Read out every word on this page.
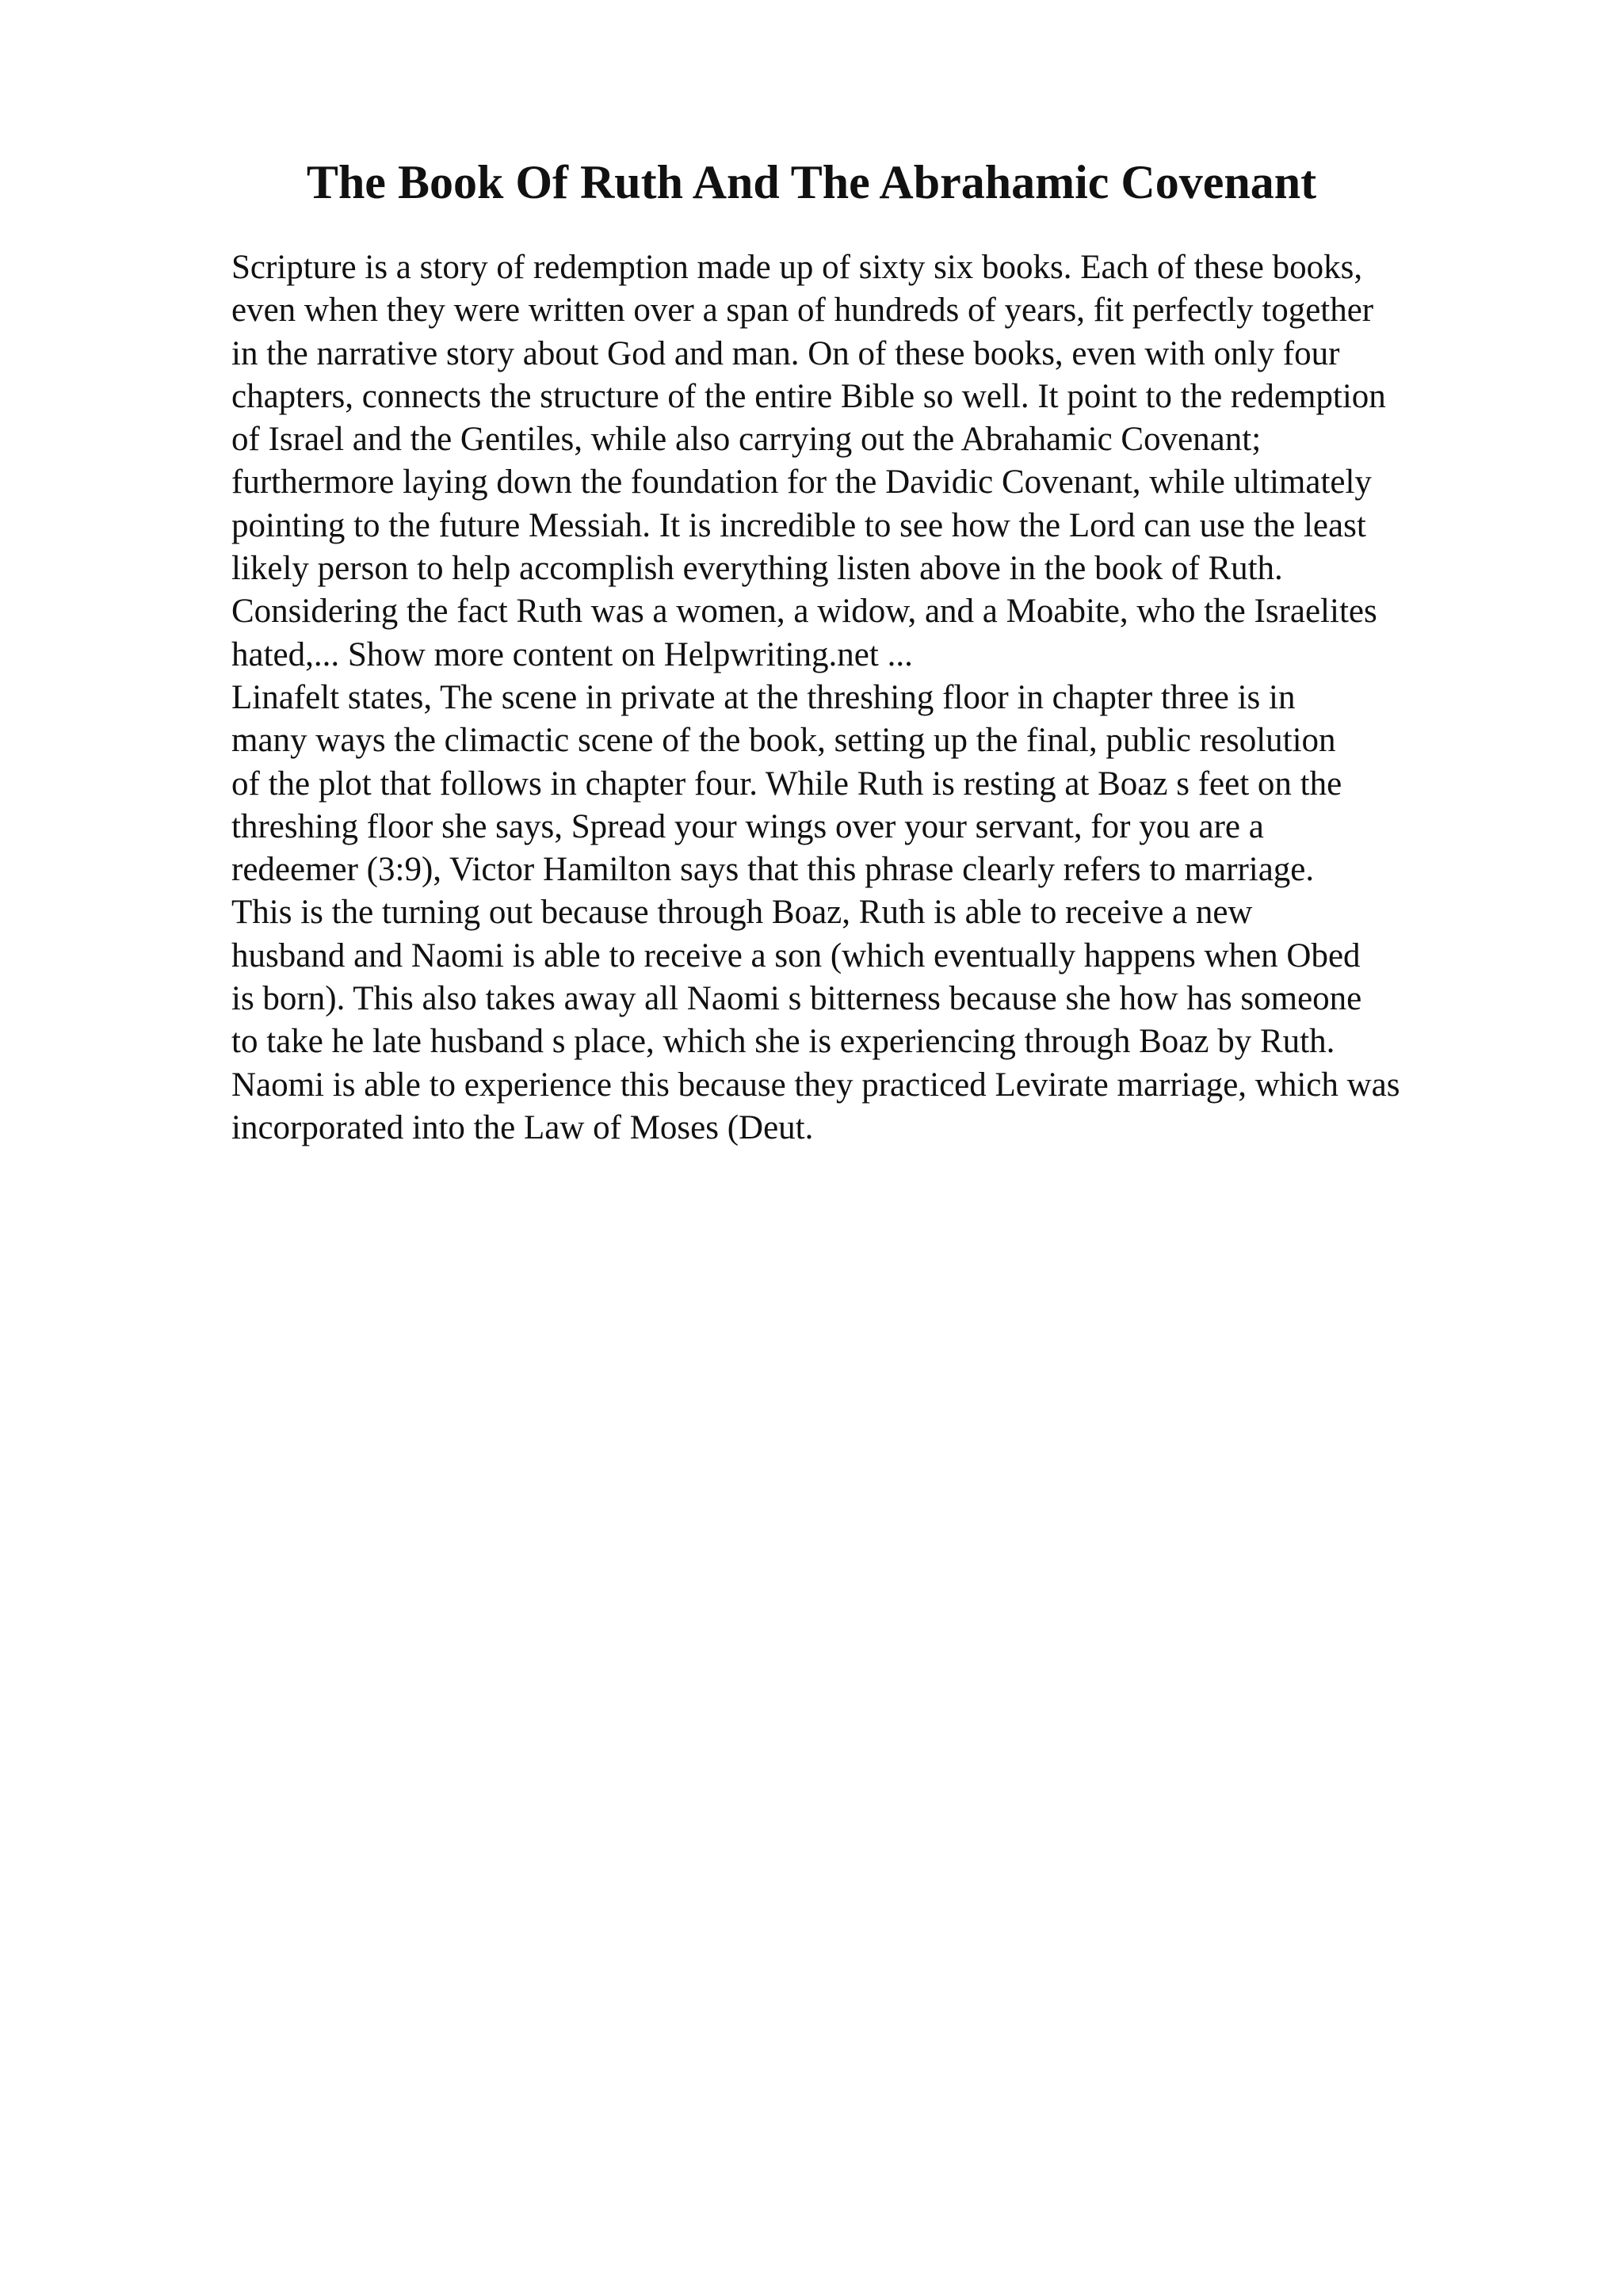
The Book Of Ruth And The Abrahamic Covenant
Scripture is a story of redemption made up of sixty six books. Each of these books,
even when they were written over a span of hundreds of years, fit perfectly together
in the narrative story about God and man. On of these books, even with only four
chapters, connects the structure of the entire Bible so well. It point to the redemption
of Israel and the Gentiles, while also carrying out the Abrahamic Covenant;
furthermore laying down the foundation for the Davidic Covenant, while ultimately
pointing to the future Messiah. It is incredible to see how the Lord can use the least
likely person to help accomplish everything listen above in the book of Ruth.
Considering the fact Ruth was a women, a widow, and a Moabite, who the Israelites
hated,... Show more content on Helpwriting.net ...
Linafelt states, The scene in private at the threshing floor in chapter three is in
many ways the climactic scene of the book, setting up the final, public resolution
of the plot that follows in chapter four. While Ruth is resting at Boaz s feet on the
threshing floor she says, Spread your wings over your servant, for you are a
redeemer (3:9), Victor Hamilton says that this phrase clearly refers to marriage.
This is the turning out because through Boaz, Ruth is able to receive a new
husband and Naomi is able to receive a son (which eventually happens when Obed
is born). This also takes away all Naomi s bitterness because she how has someone
to take he late husband s place, which she is experiencing through Boaz by Ruth.
Naomi is able to experience this because they practiced Levirate marriage, which was
incorporated into the Law of Moses (Deut.
